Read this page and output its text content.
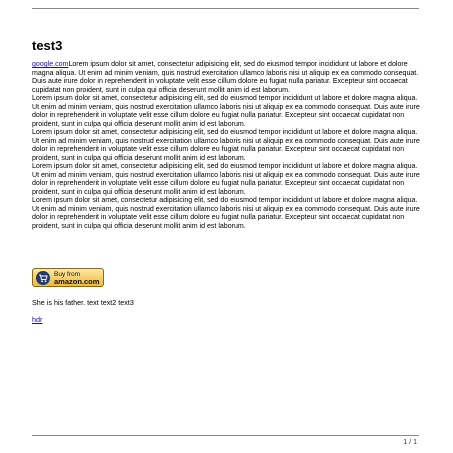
test3
google.comLorem ipsum dolor sit amet, consectetur adipisicing elit, sed do eiusmod tempor incididunt ut labore et dolore magna aliqua. Ut enim ad minim veniam, quis nostrud exercitation ullamco laboris nisi ut aliquip ex ea commodo consequat. Duis aute irure dolor in reprehenderit in voluptate velit esse cillum dolore eu fugiat nulla pariatur. Excepteur sint occaecat cupidatat non proident, sunt in culpa qui officia deserunt mollit anim id est laborum.
Lorem ipsum dolor sit amet, consectetur adipisicing elit, sed do eiusmod tempor incididunt ut labore et dolore magna aliqua. Ut enim ad minim veniam, quis nostrud exercitation ullamco laboris nisi ut aliquip ex ea commodo consequat. Duis aute irure dolor in reprehenderit in voluptate velit esse cillum dolore eu fugiat nulla pariatur. Excepteur sint occaecat cupidatat non proident, sunt in culpa qui officia deserunt mollit anim id est laborum.
Lorem ipsum dolor sit amet, consectetur adipisicing elit, sed do eiusmod tempor incididunt ut labore et dolore magna aliqua. Ut enim ad minim veniam, quis nostrud exercitation ullamco laboris nisi ut aliquip ex ea commodo consequat. Duis aute irure dolor in reprehenderit in voluptate velit esse cillum dolore eu fugiat nulla pariatur. Excepteur sint occaecat cupidatat non proident, sunt in culpa qui officia deserunt mollit anim id est laborum.
Lorem ipsum dolor sit amet, consectetur adipisicing elit, sed do eiusmod tempor incididunt ut labore et dolore magna aliqua. Ut enim ad minim veniam, quis nostrud exercitation ullamco laboris nisi ut aliquip ex ea commodo consequat. Duis aute irure dolor in reprehenderit in voluptate velit esse cillum dolore eu fugiat nulla pariatur. Excepteur sint occaecat cupidatat non proident, sunt in culpa qui officia deserunt mollit anim id est laborum.
Lorem ipsum dolor sit amet, consectetur adipisicing elit, sed do eiusmod tempor incididunt ut labore et dolore magna aliqua. Ut enim ad minim veniam, quis nostrud exercitation ullamco laboris nisi ut aliquip ex ea commodo consequat. Duis aute irure dolor in reprehenderit in voluptate velit esse cillum dolore eu fugiat nulla pariatur. Excepteur sint occaecat cupidatat non proident, sunt in culpa qui officia deserunt mollit anim id est laborum.
Buy from
amazon.com

She is his father. text text2 text3

hdr
1 / 1
